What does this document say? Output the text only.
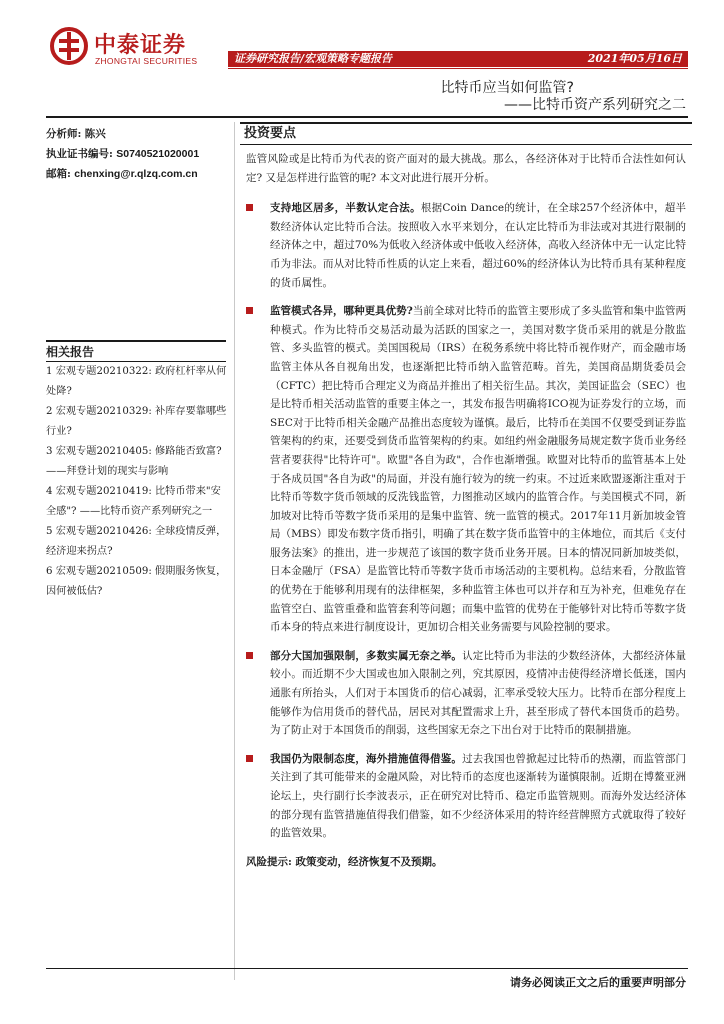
中泰证券
ZHONGTAI SECURITIES	证券研究报告/宏观策略专题报告	2021年05月16日
比特币应当如何监管?
——比特币资产系列研究之二
分析师: 陈兴
执业证书编号: S0740521020001
邮箱: chenxing@r.qlzq.com.cn
相关报告
1 宏观专题20210322: 政府杠杆率从何处降?
2 宏观专题20210329: 补库存要靠哪些行业?
3 宏观专题20210405: 修路能否致富? ——拜登计划的现实与影响
4 宏观专题20210419: 比特币带来"安全感"? ——比特币资产系列研究之一
5 宏观专题20210426: 全球疫情反弹，经济迎来拐点?
6 宏观专题20210509: 假期服务恢复，因何被低估?
投资要点

监管风险或是比特币为代表的资产面对的最大挑战。那么，各经济体对于比特币合法性如何认定? 又是怎样进行监管的呢? 本文对此进行展开分析。

支持地区居多，半数认定合法。根据Coin Dance的统计，在全球257个经济体中，超半数经济体认定比特币合法。按照收入水平来划分，在认定比特币为非法或对其进行限制的经济体之中，超过70%为低收入经济体或中低收入经济体，高收入经济体中无一认定比特币为非法。而从对比特币性质的认定上来看，超过60%的经济体认为比特币具有某种程度的货币属性。
监管模式各异，哪种更具优势?当前全球对比特币的监管主要形成了多头监管和集中监管两种模式。作为比特币交易活动最为活跃的国家之一，美国对数字货币采用的就是分散监管、多头监管的模式。美国国税局（IRS）在税务系统中将比特币视作财产，而金融市场监管主体从各自视角出发，也逐渐把比特币纳入监管范畴。首先，美国商品期货委员会（CFTC）把比特币合理定义为商品并推出了相关衍生品。其次，美国证监会（SEC）也是比特币相关活动监管的重要主体之一，其发布报告明确将ICO视为证券发行的立场，而SEC对于比特币相关金融产品推出态度较为谨慎。最后，比特币在美国不仅要受到证券监管架构的约束，还要受到货币监管架构的约束。如纽约州金融服务局规定数字货币业务经营者要获得"比特许可"。欧盟"各自为政"，合作也渐增强。欧盟对比特币的监管基本上处于各成员国"各自为政"的局面，并没有施行较为的统一约束。不过近来欧盟逐渐注重对于比特币等数字货币领域的反洗钱监管，力图推动区域内的监管合作。与美国模式不同，新加坡对比特币等数字货币采用的是集中监管、统一监管的模式。2017年11月新加坡金管局（MBS）即发布数字货币指引，明确了其在数字货币监管中的主体地位，而其后《支付服务法案》的推出，进一步规范了该国的数字货币业务开展。日本的情况同新加坡类似，日本金融厅（FSA）是监管比特币等数字货币市场活动的主要机构。总结来看，分散监管的优势在于能够利用现有的法律框架，多种监管主体也可以并存和互为补充，但难免存在监管空白、监管重叠和监管套利等问题；而集中监管的优势在于能够针对比特币等数字货币本身的特点来进行制度设计，更加切合相关业务需要与风险控制的要求。
部分大国加强限制，多数实属无奈之举。认定比特币为非法的少数经济体，大都经济体量较小。而近期不少大国或也加入限制之列，究其原因，疫情冲击使得经济增长低迷，国内通胀有所抬头，人们对于本国货币的信心减弱，汇率承受较大压力。比特币在部分程度上能够作为信用货币的替代品，居民对其配置需求上升，甚至形成了替代本国货币的趋势。为了防止对于本国货币的削弱，这些国家无奈之下出台对于比特币的限制措施。
我国仍为限制态度，海外措施值得借鉴。过去我国也曾掀起过比特币的热潮，而监管部门关注到了其可能带来的金融风险，对比特币的态度也逐渐转为谨慎限制。近期在博鳌亚洲论坛上，央行副行长李波表示，正在研究对比特币、稳定币监管规则。而海外发达经济体的部分现有监管措施值得我们借鉴，如不少经济体采用的特许经营牌照方式就取得了较好的监管效果。

风险提示: 政策变动，经济恢复不及预期。

请务必阅读正文之后的重要声明部分
